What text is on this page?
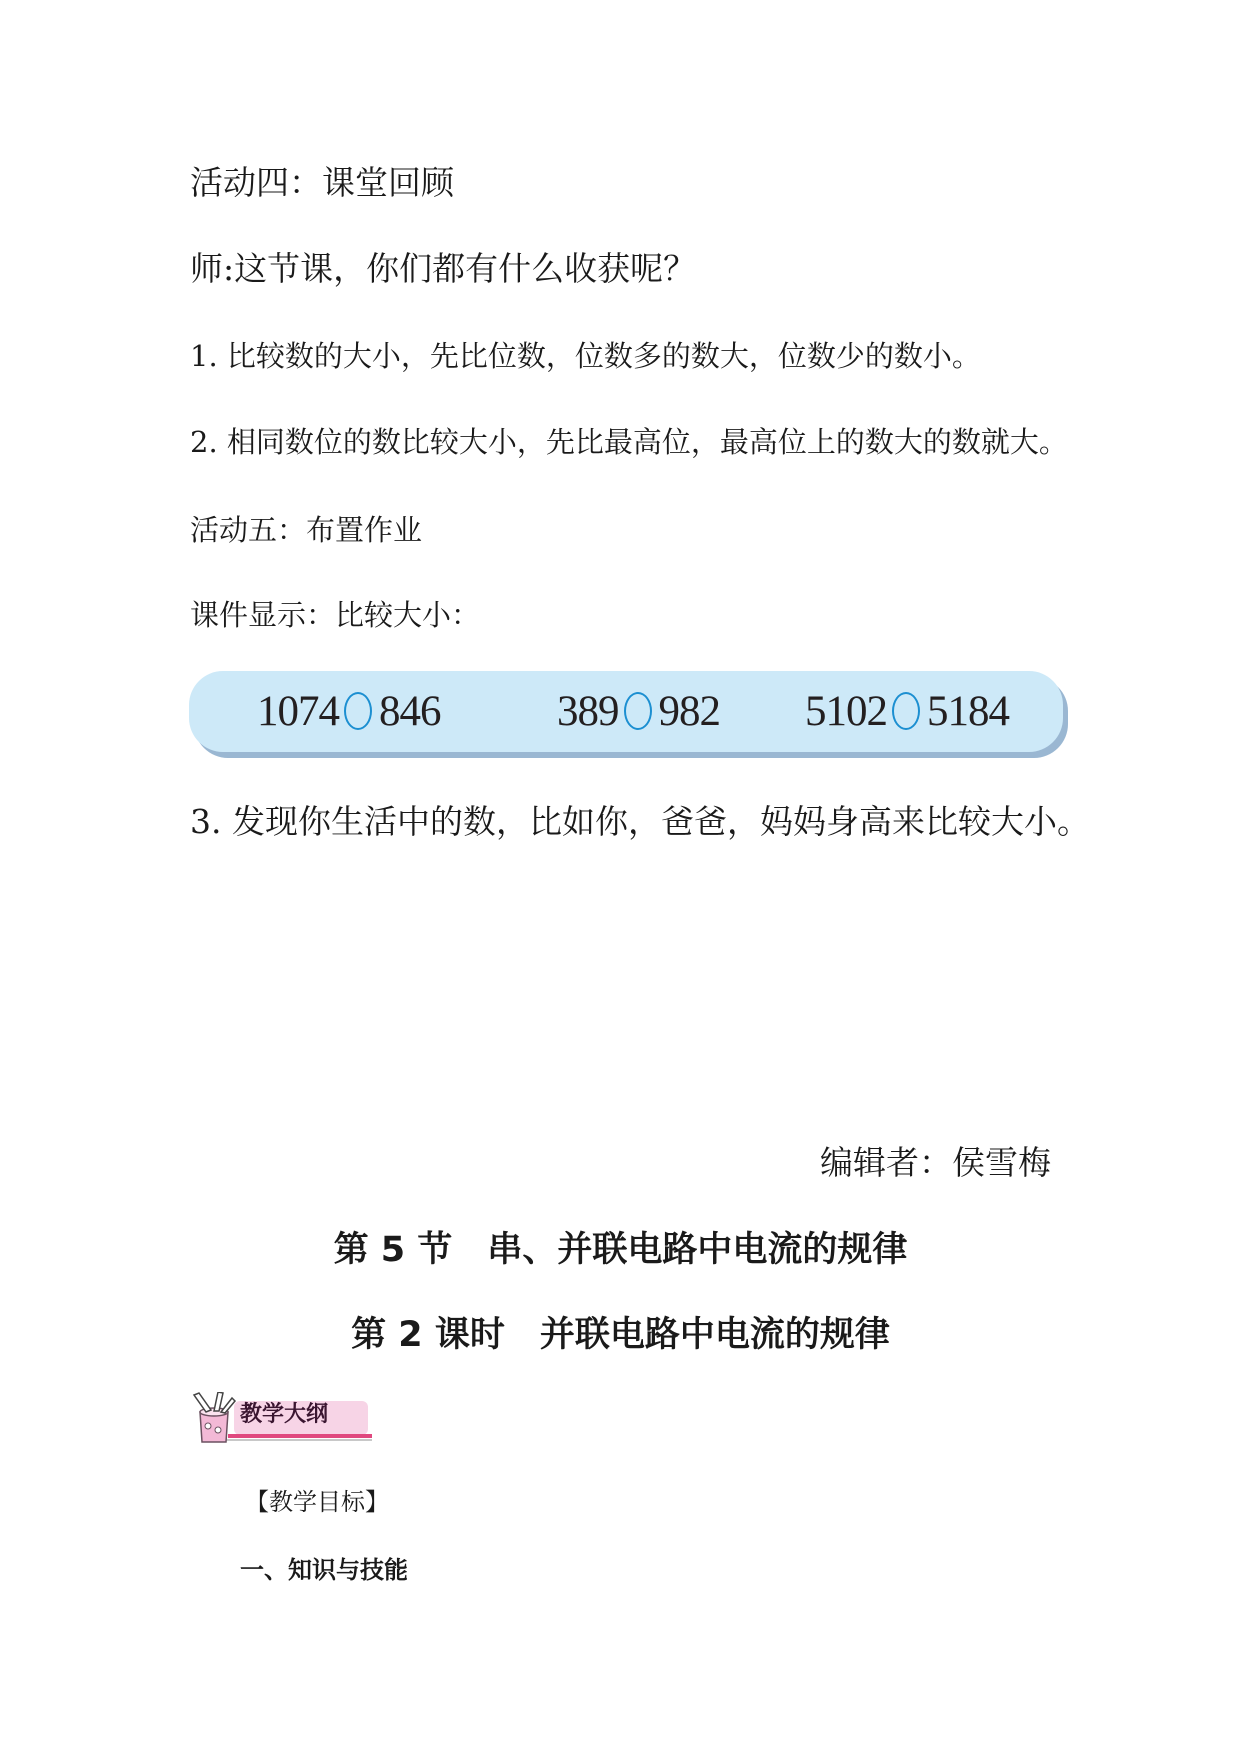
活动四：课堂回顾
师:这节课，你们都有什么收获呢？
1. 比较数的大小，先比位数，位数多的数大，位数少的数小。
2. 相同数位的数比较大小，先比最高位，最高位上的数大的数就大。
活动五：布置作业
课件显示：比较大小：
1074 846	389 982 5102 5184
3. 发现你生活中的数，比如你，爸爸，妈妈身高来比较大小。
编辑者：侯雪梅
第 5 节　串、并联电路中电流的规律
第 2 课时　并联电路中电流的规律
教学大纲
【教学目标】
一、知识与技能
